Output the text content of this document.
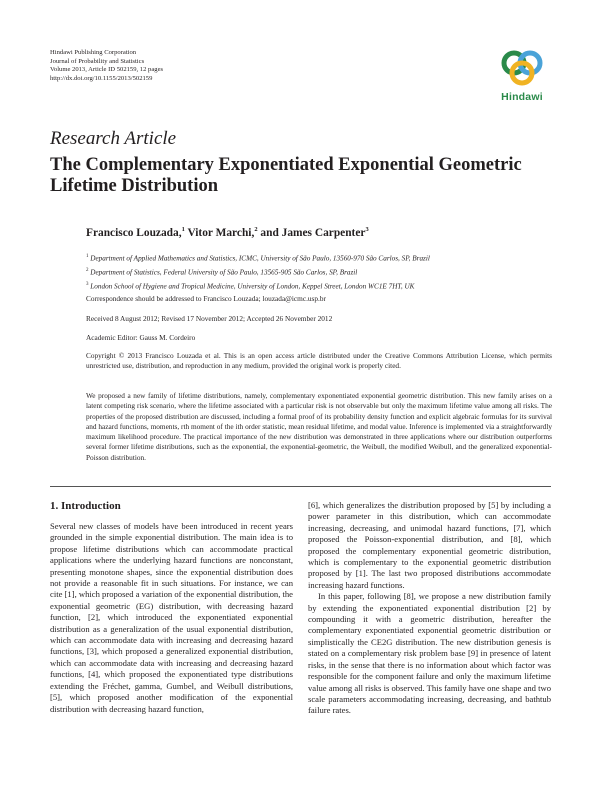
Hindawi Publishing Corporation
Journal of Probability and Statistics
Volume 2013, Article ID 502159, 12 pages
http://dx.doi.org/10.1155/2013/502159
Hindawi
Research Article
The Complementary Exponentiated Exponential Geometric Lifetime Distribution
Francisco Louzada,$^1$ Vitor Marchi,$^2$ and James Carpenter$^3$
$^1$ Department of Applied Mathematics and Statistics, ICMC, University of São Paulo, 13560-970 São Carlos, SP, Brazil
$^2$ Department of Statistics, Federal University of São Paulo, 13565-905 São Carlos, SP, Brazil
$^3$ London School of Hygiene and Tropical Medicine, University of London, Keppel Street, London WC1E 7HT, UK
Correspondence should be addressed to Francisco Louzada; louzada@icmc.usp.br
Received 8 August 2012; Revised 17 November 2012; Accepted 26 November 2012
Academic Editor: Gauss M. Cordeiro
Copyright © 2013 Francisco Louzada et al. This is an open access article distributed under the Creative Commons Attribution License, which permits unrestricted use, distribution, and reproduction in any medium, provided the original work is properly cited.
We proposed a new family of lifetime distributions, namely, complementary exponentiated exponential geometric distribution. This new family arises on a latent competing risk scenario, where the lifetime associated with a particular risk is not observable but only the maximum lifetime value among all risks. The properties of the proposed distribution are discussed, including a formal proof of its probability density function and explicit algebraic formulas for its survival and hazard functions, moments, rth moment of the ith order statistic, mean residual lifetime, and modal value. Inference is implemented via a straightforwardly maximum likelihood procedure. The practical importance of the new distribution was demonstrated in three applications where our distribution outperforms several former lifetime distributions, such as the exponential, the exponential-geometric, the Weibull, the modified Weibull, and the generalized exponential-Poisson distribution.
1. Introduction

Several new classes of models have been introduced in recent years grounded in the simple exponential distribution. The main idea is to propose lifetime distributions which can accommodate practical applications where the underlying hazard functions are nonconstant, presenting monotone shapes, since the exponential distribution does not provide a reasonable fit in such situations. For instance, we can cite [1], which proposed a variation of the exponential distribution, the exponential geometric (EG) distribution, with decreasing hazard function, [2], which introduced the exponentiated exponential distribution as a generalization of the usual exponential distribution, which can accommodate data with increasing and decreasing hazard functions, [3], which proposed a generalized exponential distribution, which can accommodate data with increasing and decreasing hazard functions, [4], which proposed the exponentiated type distributions extending the Fréchet, gamma, Gumbel, and Weibull distributions, [5], which proposed another modification of the exponential distribution with decreasing hazard function,

[6], which generalizes the distribution proposed by [5] by including a power parameter in this distribution, which can accommodate increasing, decreasing, and unimodal hazard functions, [7], which proposed the Poisson-exponential distribution, and [8], which proposed the complementary exponential geometric distribution, which is complementary to the exponential geometric distribution proposed by [1]. The last two proposed distributions accommodate increasing hazard functions.

In this paper, following [8], we propose a new distribution family by extending the exponentiated exponential distribution [2] by compounding it with a geometric distribution, hereafter the complementary exponentiated exponential geometric distribution or simplistically the CE2G distribution. The new distribution genesis is stated on a complementary risk problem base [9] in presence of latent risks, in the sense that there is no information about which factor was responsible for the component failure and only the maximum lifetime value among all risks is observed. This family have one shape and two scale parameters accommodating increasing, decreasing, and bathtub failure rates.
